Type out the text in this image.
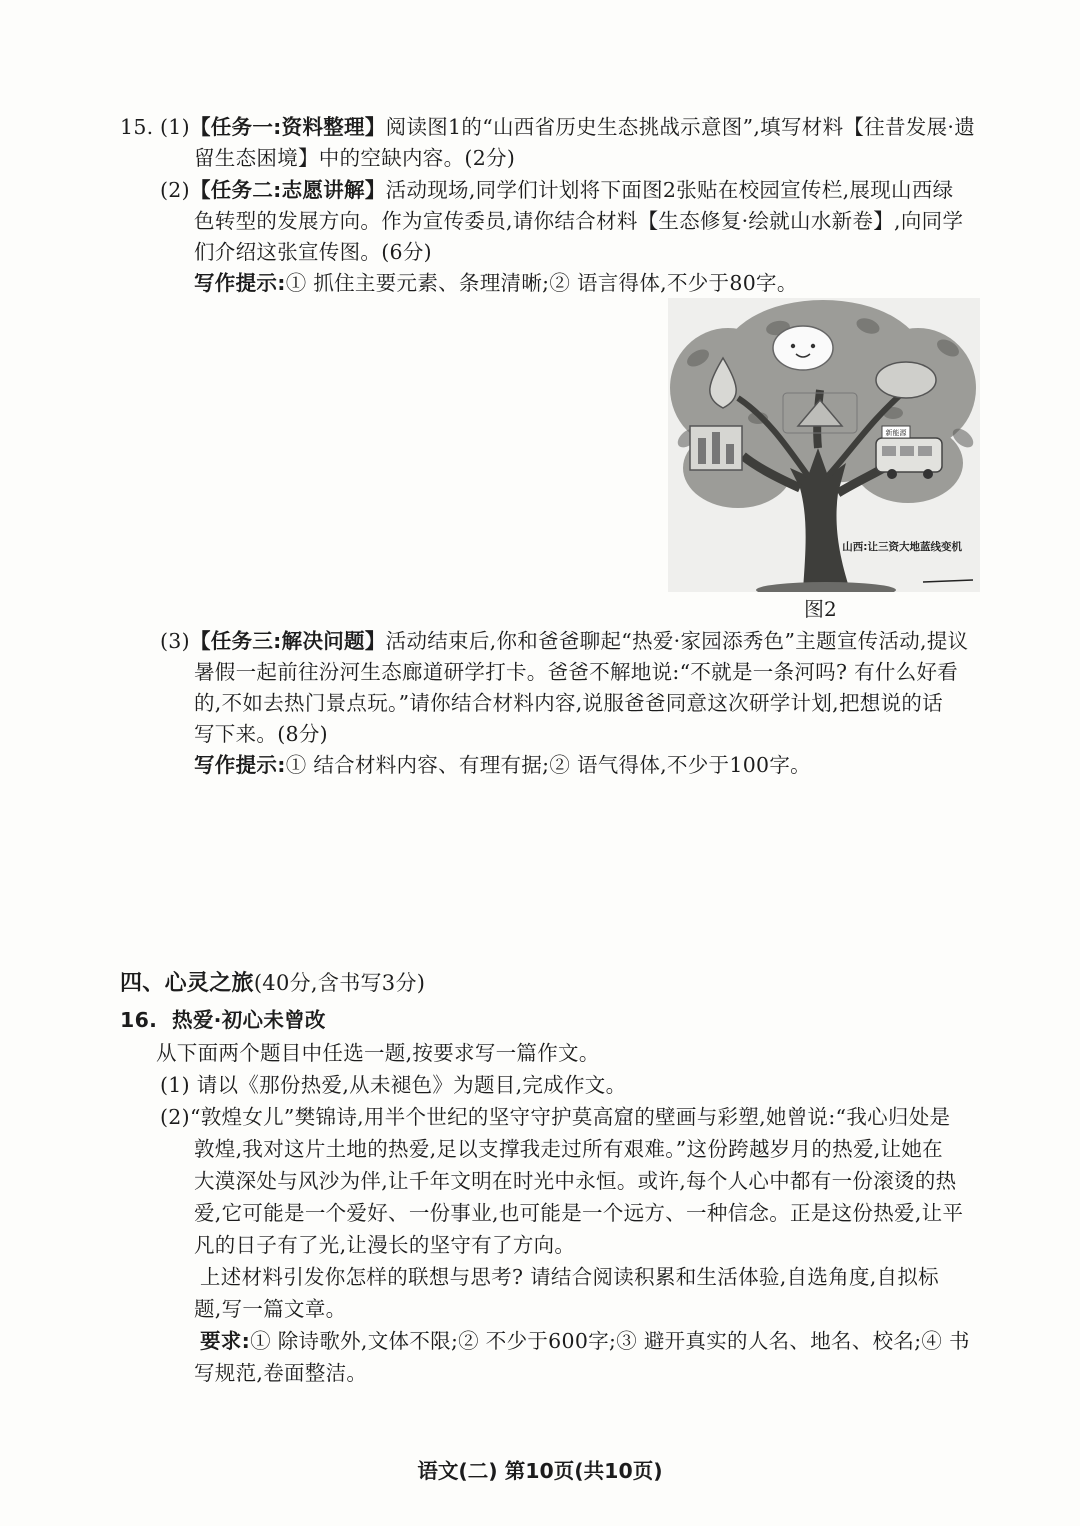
15. (1)【任务一:资料整理】阅读图1的“山西省历史生态挑战示意图”,填写材料【往昔发展·遗
留生态困境】中的空缺内容。(2分)
(2)【任务二:志愿讲解】活动现场,同学们计划将下面图2张贴在校园宣传栏,展现山西绿
色转型的发展方向。作为宣传委员,请你结合材料【生态修复·绘就山水新卷】,向同学
们介绍这张宣传图。(6分)
写作提示:① 抓住主要元素、条理清晰;② 语言得体,不少于80字。
新能源
山西:让三资大地蓝线变机
图2
(3)【任务三:解决问题】活动结束后,你和爸爸聊起“热爱·家园添秀色”主题宣传活动,提议
暑假一起前往汾河生态廊道研学打卡。爸爸不解地说:“不就是一条河吗? 有什么好看
的,不如去热门景点玩。”请你结合材料内容,说服爸爸同意这次研学计划,把想说的话
写下来。(8分)
写作提示:① 结合材料内容、有理有据;② 语气得体,不少于100字。
四、心灵之旅(40分,含书写3分)
16. 热爱·初心未曾改
从下面两个题目中任选一题,按要求写一篇作文。
(1) 请以《那份热爱,从未褪色》为题目,完成作文。
(2)“敦煌女儿”樊锦诗,用半个世纪的坚守守护莫高窟的壁画与彩塑,她曾说:“我心归处是
敦煌,我对这片土地的热爱,足以支撑我走过所有艰难。”这份跨越岁月的热爱,让她在
大漠深处与风沙为伴,让千年文明在时光中永恒。或许,每个人心中都有一份滚烫的热
爱,它可能是一个爱好、一份事业,也可能是一个远方、一种信念。正是这份热爱,让平
凡的日子有了光,让漫长的坚守有了方向。
上述材料引发你怎样的联想与思考? 请结合阅读积累和生活体验,自选角度,自拟标
题,写一篇文章。
要求:① 除诗歌外,文体不限;② 不少于600字;③ 避开真实的人名、地名、校名;④ 书
写规范,卷面整洁。
语文(二) 第10页(共10页)
